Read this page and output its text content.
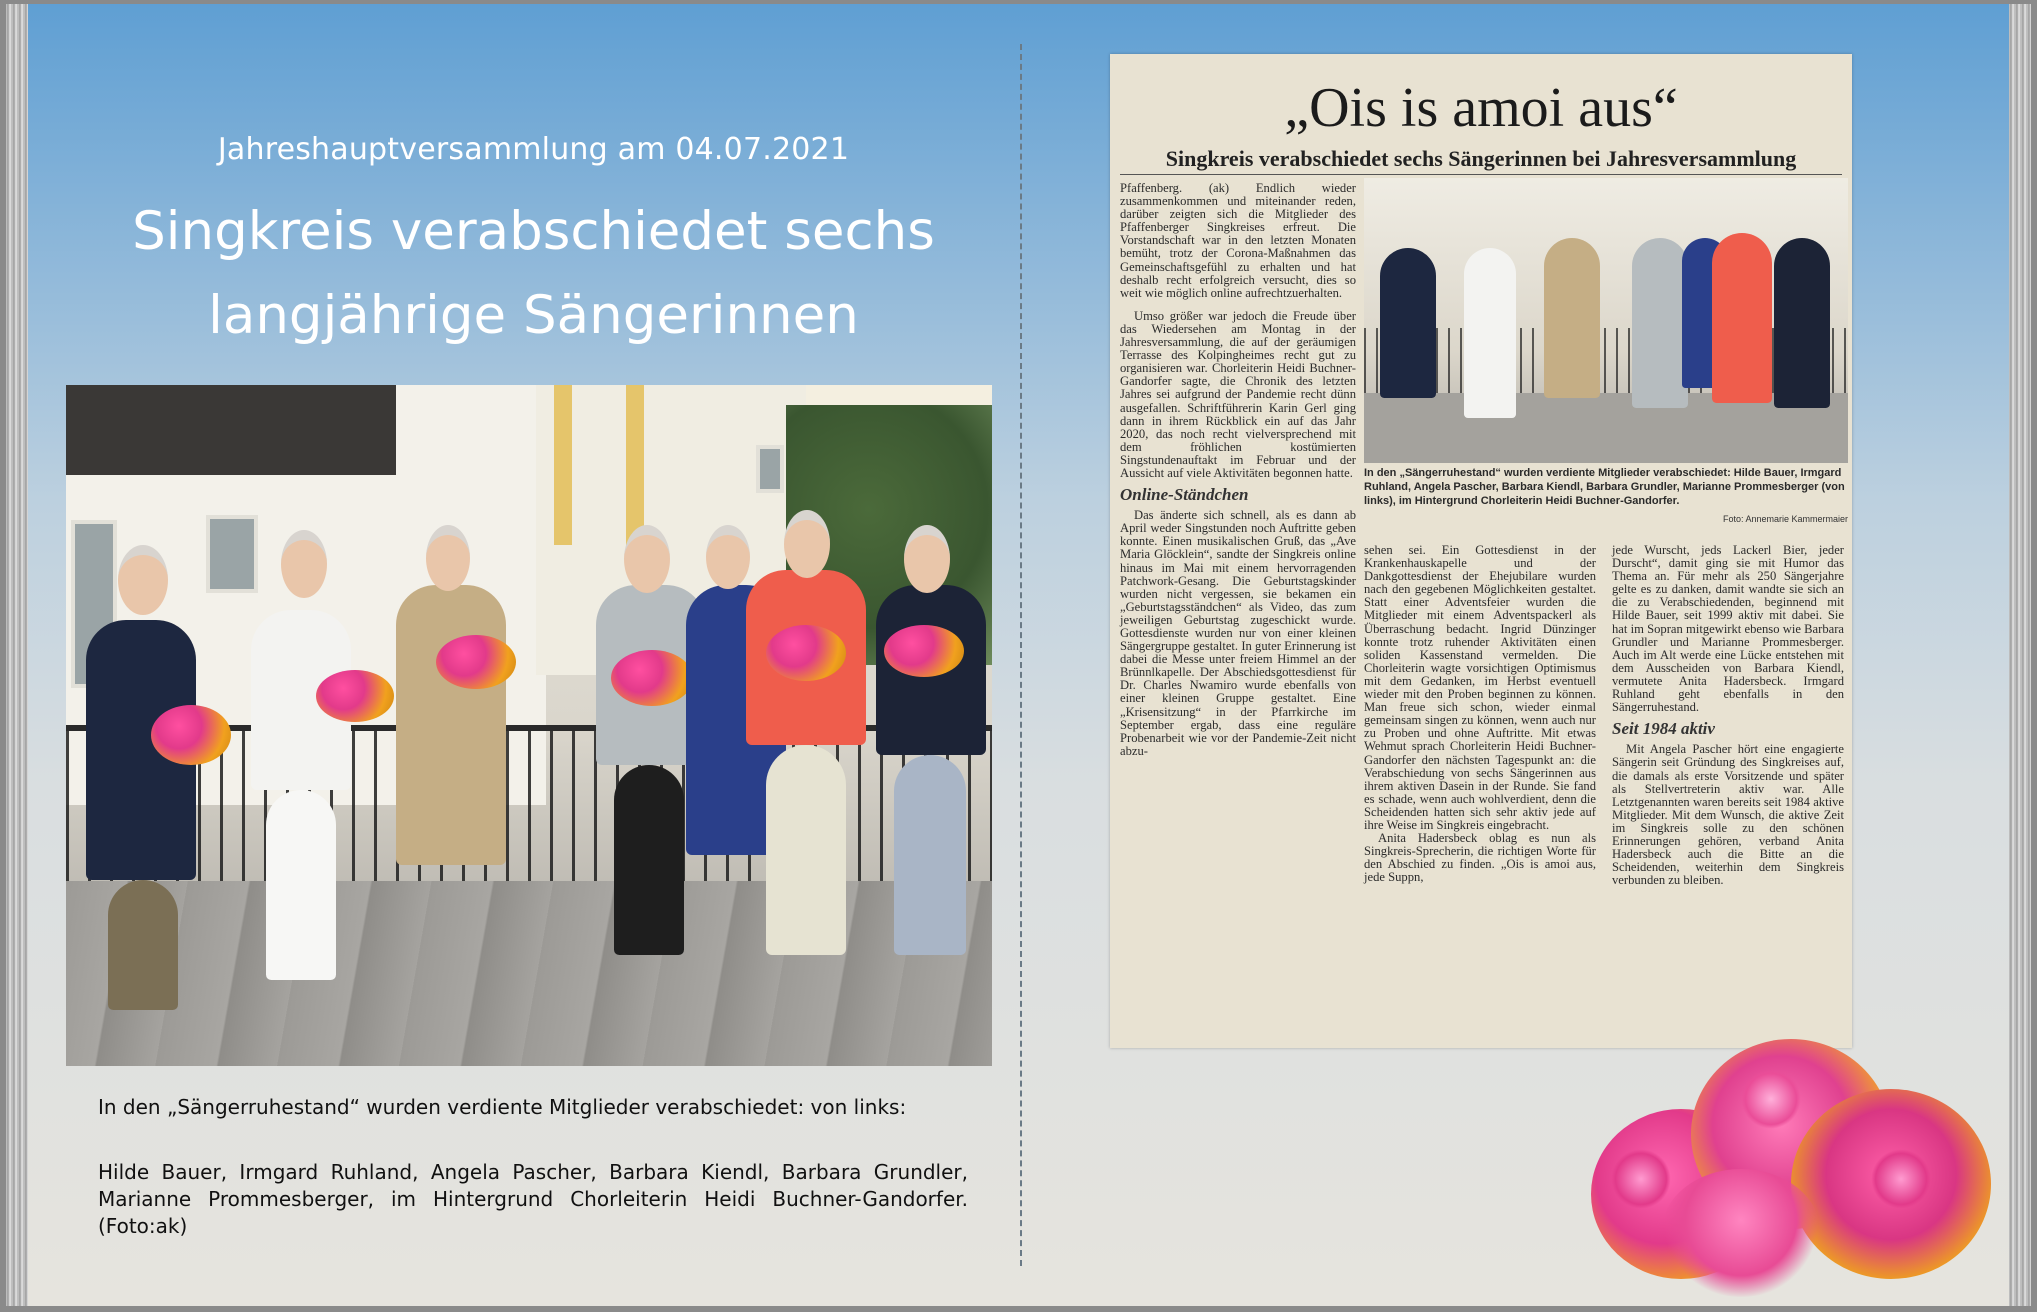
Jahreshauptversammlung am 04.07.2021
Singkreis verabschiedet sechs
langjährige Sängerinnen
In den „Sängerruhestand“ wurden verdiente Mitglieder verabschiedet: von links:
Hilde Bauer, Irmgard Ruhland, Angela Pascher, Barbara Kiendl, Barbara Grundler, Marianne Prommesberger, im Hintergrund Chorleiterin Heidi Buchner-Gandorfer. (Foto:ak)
„Ois is amoi aus“
Singkreis verabschiedet sechs Sängerinnen bei Jahresversammlung

Pfaffenberg. (ak) Endlich wieder zusammenkommen und miteinander reden, darüber zeigten sich die Mitglieder des Pfaffenberger Singkreises erfreut. Die Vorstandschaft war in den letzten Monaten bemüht, trotz der Corona-Maßnahmen das Gemeinschaftsgefühl zu erhalten und hat deshalb recht erfolgreich versucht, dies so weit wie möglich online aufrechtzuerhalten.

Umso größer war jedoch die Freude über das Wiedersehen am Montag in der Jahresversammlung, die auf der geräumigen Terrasse des Kolpingheimes recht gut zu organisieren war. Chorleiterin Heidi Buchner-Gandorfer sagte, die Chronik des letzten Jahres sei aufgrund der Pandemie recht dünn ausgefallen. Schriftführerin Karin Gerl ging dann in ihrem Rückblick ein auf das Jahr 2020, das noch recht vielversprechend mit dem fröhlichen kostümierten Singstundenauftakt im Februar und der Aussicht auf viele Aktivitäten begonnen hatte.

Online-Ständchen

Das änderte sich schnell, als es dann ab April weder Singstunden noch Auftritte geben konnte. Einen musikalischen Gruß, das „Ave Maria Glöcklein“, sandte der Singkreis online hinaus im Mai mit einem hervorragenden Patchwork-Gesang. Die Geburtstagskinder wurden nicht vergessen, sie bekamen ein „Geburtstagsständchen“ als Video, das zum jeweiligen Geburtstag zugeschickt wurde. Gottesdienste wurden nur von einer kleinen Sängergruppe gestaltet. In guter Erinnerung ist dabei die Messe unter freiem Himmel an der Brünnlkapelle. Der Abschiedsgottesdienst für Dr. Charles Nwamiro wurde ebenfalls von einer kleinen Gruppe gestaltet. Eine „Krisensitzung“ in der Pfarrkirche im September ergab, dass eine reguläre Probenarbeit wie vor der Pandemie-Zeit nicht abzu-

In den „Sängerruhestand“ wurden verdiente Mitglieder verabschiedet: Hilde Bauer, Irmgard Ruhland, Angela Pascher, Barbara Kiendl, Barbara Grundler, Marianne Prommesberger (von links), im Hintergrund Chorleiterin Heidi Buchner-Gandorfer.
Foto: Annemarie Kammermaier

sehen sei. Ein Gottesdienst in der Krankenhauskapelle und der Dankgottesdienst der Ehejubilare wurden nach den gegebenen Möglichkeiten gestaltet. Statt einer Adventsfeier wurden die Mitglieder mit einem Adventspackerl als Überraschung bedacht. Ingrid Dünzinger konnte trotz ruhender Aktivitäten einen soliden Kassenstand vermelden. Die Chorleiterin wagte vorsichtigen Optimismus mit dem Gedanken, im Herbst eventuell wieder mit den Proben beginnen zu können. Man freue sich schon, wieder einmal gemeinsam singen zu können, wenn auch nur zu Proben und ohne Auftritte. Mit etwas Wehmut sprach Chorleiterin Heidi Buchner-Gandorfer den nächsten Tagespunkt an: die Verabschiedung von sechs Sängerinnen aus ihrem aktiven Dasein in der Runde. Sie fand es schade, wenn auch wohlverdient, denn die Scheidenden hatten sich sehr aktiv jede auf ihre Weise im Singkreis eingebracht.

Anita Hadersbeck oblag es nun als Singkreis-Sprecherin, die richtigen Worte für den Abschied zu finden. „Ois is amoi aus, jede Suppn,

jede Wurscht, jeds Lackerl Bier, jeder Durscht“, damit ging sie mit Humor das Thema an. Für mehr als 250 Sängerjahre gelte es zu danken, damit wandte sie sich an die zu Verabschiedenden, beginnend mit Hilde Bauer, seit 1999 aktiv mit dabei. Sie hat im Sopran mitgewirkt ebenso wie Barbara Grundler und Marianne Prommesberger. Auch im Alt werde eine Lücke entstehen mit dem Ausscheiden von Barbara Kiendl, vermutete Anita Hadersbeck. Irmgard Ruhland geht ebenfalls in den Sängerruhestand.

Seit 1984 aktiv

Mit Angela Pascher hört eine engagierte Sängerin seit Gründung des Singkreises auf, die damals als erste Vorsitzende und später als Stellvertreterin aktiv war. Alle Letztgenannten waren bereits seit 1984 aktive Mitglieder. Mit dem Wunsch, die aktive Zeit im Singkreis solle zu den schönen Erinnerungen gehören, verband Anita Hadersbeck auch die Bitte an die Scheidenden, weiterhin dem Singkreis verbunden zu bleiben.
